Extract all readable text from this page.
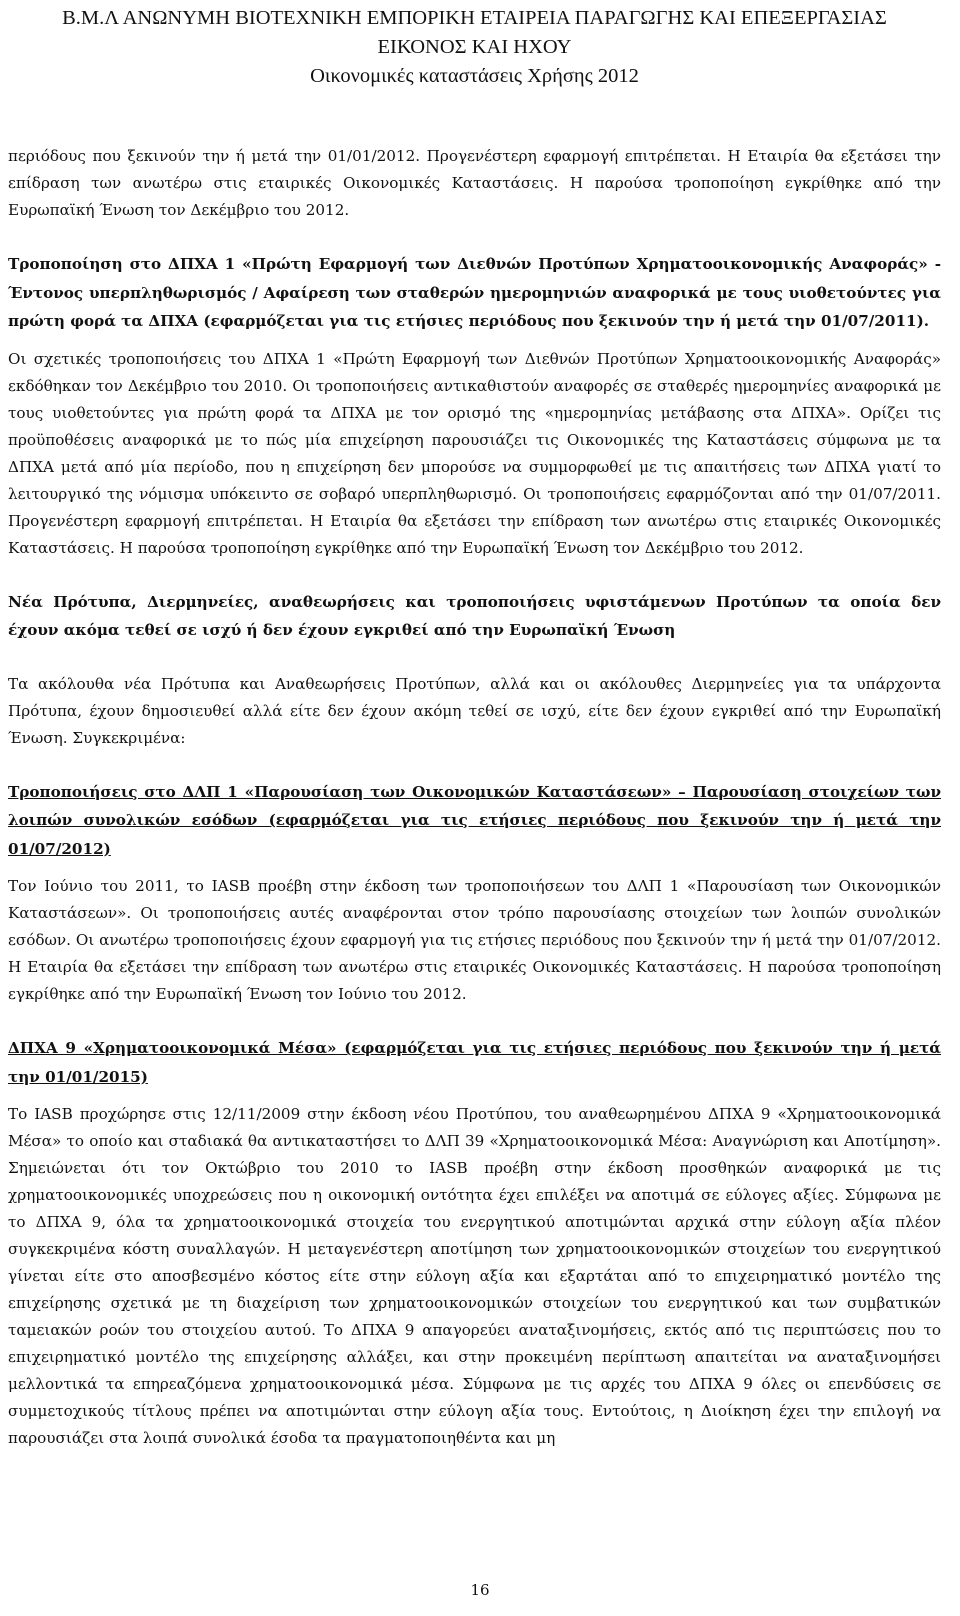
Β.Μ.Λ ΑΝΩΝΥΜΗ ΒΙΟΤΕΧΝΙΚΗ ΕΜΠΟΡΙΚΗ ΕΤΑΙΡΕΙΑ ΠΑΡΑΓΩΓΗΣ ΚΑΙ ΕΠΕΞΕΡΓΑΣΙΑΣ
ΕΙΚΟΝΟΣ ΚΑΙ ΗΧΟΥ
Οικονομικές καταστάσεις Χρήσης 2012

περιόδους που ξεκινούν την ή μετά την 01/01/2012. Προγενέστερη εφαρμογή επιτρέπεται. Η Εταιρία θα εξετάσει την επίδραση των ανωτέρω στις εταιρικές Οικονομικές Καταστάσεις. Η παρούσα τροποποίηση εγκρίθηκε από την Ευρωπαϊκή Ένωση τον Δεκέμβριο του 2012.

Τροποποίηση στο ΔΠΧΑ 1 «Πρώτη Εφαρμογή των Διεθνών Προτύπων Χρηματοοικονομικής Αναφοράς» - Έντονος υπερπληθωρισμός / Αφαίρεση των σταθερών ημερομηνιών αναφορικά με τους υιοθετούντες για πρώτη φορά τα ΔΠΧΑ (εφαρμόζεται για τις ετήσιες περιόδους που ξεκινούν την ή μετά την 01/07/2011).

Οι σχετικές τροποποιήσεις του ΔΠΧΑ 1 «Πρώτη Εφαρμογή των Διεθνών Προτύπων Χρηματοοικονομικής Αναφοράς» εκδόθηκαν τον Δεκέμβριο του 2010. Οι τροποποιήσεις αντικαθιστούν αναφορές σε σταθερές ημερομηνίες αναφορικά με τους υιοθετούντες για πρώτη φορά τα ΔΠΧΑ με τον ορισμό της «ημερομηνίας μετάβασης στα ΔΠΧΑ». Ορίζει τις προϋποθέσεις αναφορικά με το πώς μία επιχείρηση παρουσιάζει τις Οικονομικές της Καταστάσεις σύμφωνα με τα ΔΠΧΑ μετά από μία περίοδο, που η επιχείρηση δεν μπορούσε να συμμορφωθεί με τις απαιτήσεις των ΔΠΧΑ γιατί το λειτουργικό της νόμισμα υπόκειντο σε σοβαρό υπερπληθωρισμό. Οι τροποποιήσεις εφαρμόζονται από την 01/07/2011. Προγενέστερη εφαρμογή επιτρέπεται. Η Εταιρία θα εξετάσει την επίδραση των ανωτέρω στις εταιρικές Οικονομικές Καταστάσεις. Η παρούσα τροποποίηση εγκρίθηκε από την Ευρωπαϊκή Ένωση τον Δεκέμβριο του 2012.

Νέα Πρότυπα, Διερμηνείες, αναθεωρήσεις και τροποποιήσεις υφιστάμενων Προτύπων τα οποία δεν έχουν ακόμα τεθεί σε ισχύ ή δεν έχουν εγκριθεί από την Ευρωπαϊκή Ένωση

Τα ακόλουθα νέα Πρότυπα και Αναθεωρήσεις Προτύπων, αλλά και οι ακόλουθες Διερμηνείες για τα υπάρχοντα Πρότυπα, έχουν δημοσιευθεί αλλά είτε δεν έχουν ακόμη τεθεί σε ισχύ, είτε δεν έχουν εγκριθεί από την Ευρωπαϊκή Ένωση. Συγκεκριμένα:

Τροποποιήσεις στο ΔΛΠ 1 «Παρουσίαση των Οικονομικών Καταστάσεων» – Παρουσίαση στοιχείων των λοιπών συνολικών εσόδων (εφαρμόζεται για τις ετήσιες περιόδους που ξεκινούν την ή μετά την 01/07/2012)

Τον Ιούνιο του 2011, το IASB προέβη στην έκδοση των τροποποιήσεων του ΔΛΠ 1 «Παρουσίαση των Οικονομικών Καταστάσεων». Οι τροποποιήσεις αυτές αναφέρονται στον τρόπο παρουσίασης στοιχείων των λοιπών συνολικών εσόδων. Οι ανωτέρω τροποποιήσεις έχουν εφαρμογή για τις ετήσιες περιόδους που ξεκινούν την ή μετά την 01/07/2012. Η Εταιρία θα εξετάσει την επίδραση των ανωτέρω στις εταιρικές Οικονομικές Καταστάσεις. Η παρούσα τροποποίηση εγκρίθηκε από την Ευρωπαϊκή Ένωση τον Ιούνιο του 2012.

ΔΠΧΑ 9 «Χρηματοοικονομικά Μέσα» (εφαρμόζεται για τις ετήσιες περιόδους που ξεκινούν την ή μετά την 01/01/2015)

Το IASB προχώρησε στις 12/11/2009 στην έκδοση νέου Προτύπου, του αναθεωρημένου ΔΠΧΑ 9 «Χρηματοοικονομικά Μέσα» το οποίο και σταδιακά θα αντικαταστήσει το ΔΛΠ 39 «Χρηματοοικονομικά Μέσα: Αναγνώριση και Αποτίμηση». Σημειώνεται ότι τον Οκτώβριο του 2010 το IASB προέβη στην έκδοση προσθηκών αναφορικά με τις χρηματοοικονομικές υποχρεώσεις που η οικονομική οντότητα έχει επιλέξει να αποτιμά σε εύλογες αξίες. Σύμφωνα με το ΔΠΧΑ 9, όλα τα χρηματοοικονομικά στοιχεία του ενεργητικού αποτιμώνται αρχικά στην εύλογη αξία πλέον συγκεκριμένα κόστη συναλλαγών. Η μεταγενέστερη αποτίμηση των χρηματοοικονομικών στοιχείων του ενεργητικού γίνεται είτε στο αποσβεσμένο κόστος είτε στην εύλογη αξία και εξαρτάται από το επιχειρηματικό μοντέλο της επιχείρησης σχετικά με τη διαχείριση των χρηματοοικονομικών στοιχείων του ενεργητικού και των συμβατικών ταμειακών ροών του στοιχείου αυτού. Το ΔΠΧΑ 9 απαγορεύει αναταξινομήσεις, εκτός από τις περιπτώσεις που το επιχειρηματικό μοντέλο της επιχείρησης αλλάξει, και στην προκειμένη περίπτωση απαιτείται να αναταξινομήσει μελλοντικά τα επηρεαζόμενα χρηματοοικονομικά μέσα. Σύμφωνα με τις αρχές του ΔΠΧΑ 9 όλες οι επενδύσεις σε συμμετοχικούς τίτλους πρέπει να αποτιμώνται στην εύλογη αξία τους. Εντούτοις, η Διοίκηση έχει την επιλογή να παρουσιάζει στα λοιπά συνολικά έσοδα τα πραγματοποιηθέντα και μη

16
